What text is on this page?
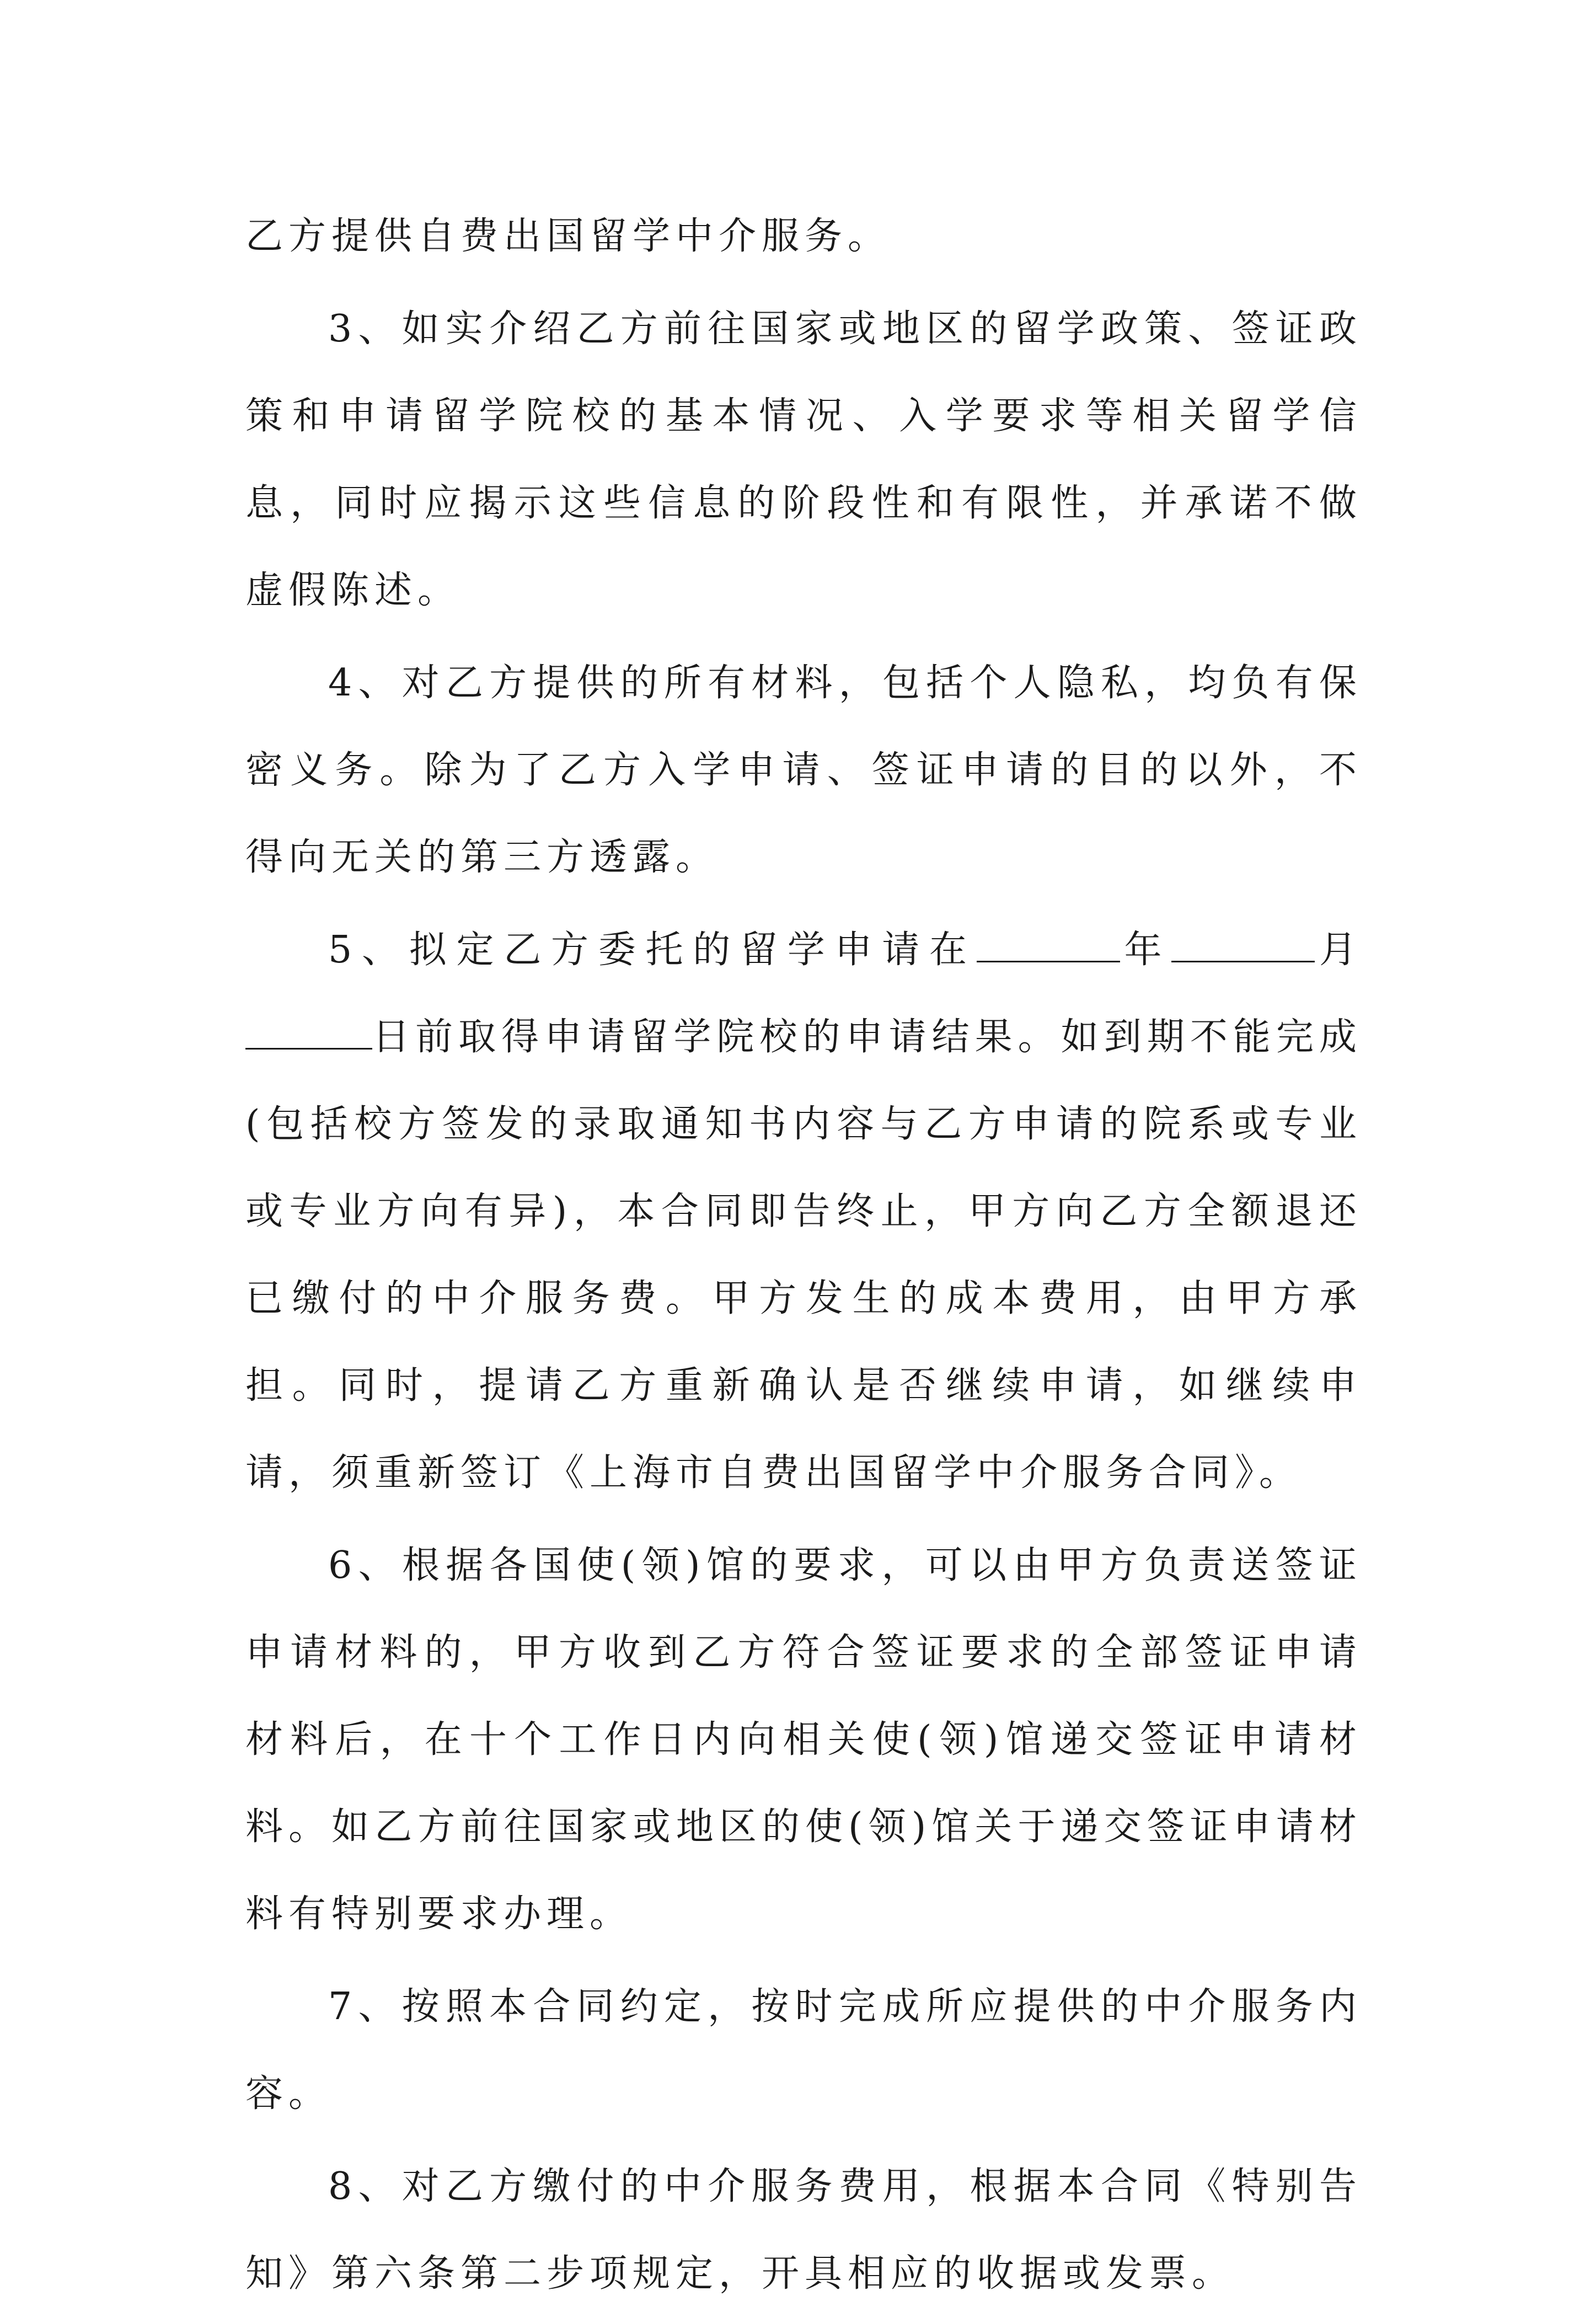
乙方提供自费出国留学中介服务。

3、如实介绍乙方前往国家或地区的留学政策、签证政策和申请留学院校的基本情况、入学要求等相关留学信息，同时应揭示这些信息的阶段性和有限性，并承诺不做虚假陈述。

4、对乙方提供的所有材料，包括个人隐私，均负有保密义务。除为了乙方入学申请、签证申请的目的以外，不得向无关的第三方透露。

5、拟定乙方委托的留学申请在	年	月日前取得申请留学院校的申请结果。如到期不能完成(包括校方签发的录取通知书内容与乙方申请的院系或专业或专业方向有异)，本合同即告终止，甲方向乙方全额退还已缴付的中介服务费。甲方发生的成本费用，由甲方承担。同时，提请乙方重新确认是否继续申请，如继续申请，须重新签订《上海市自费出国留学中介服务合同》。

6、根据各国使(领)馆的要求，可以由甲方负责送签证申请材料的，甲方收到乙方符合签证要求的全部签证申请材料后，在十个工作日内向相关使(领)馆递交签证申请材料。如乙方前往国家或地区的使(领)馆关于递交签证申请材料有特别要求办理。

7、按照本合同约定，按时完成所应提供的中介服务内容。

8、对乙方缴付的中介服务费用，根据本合同《特别告知》第六条第二步项规定，开具相应的收据或发票。
